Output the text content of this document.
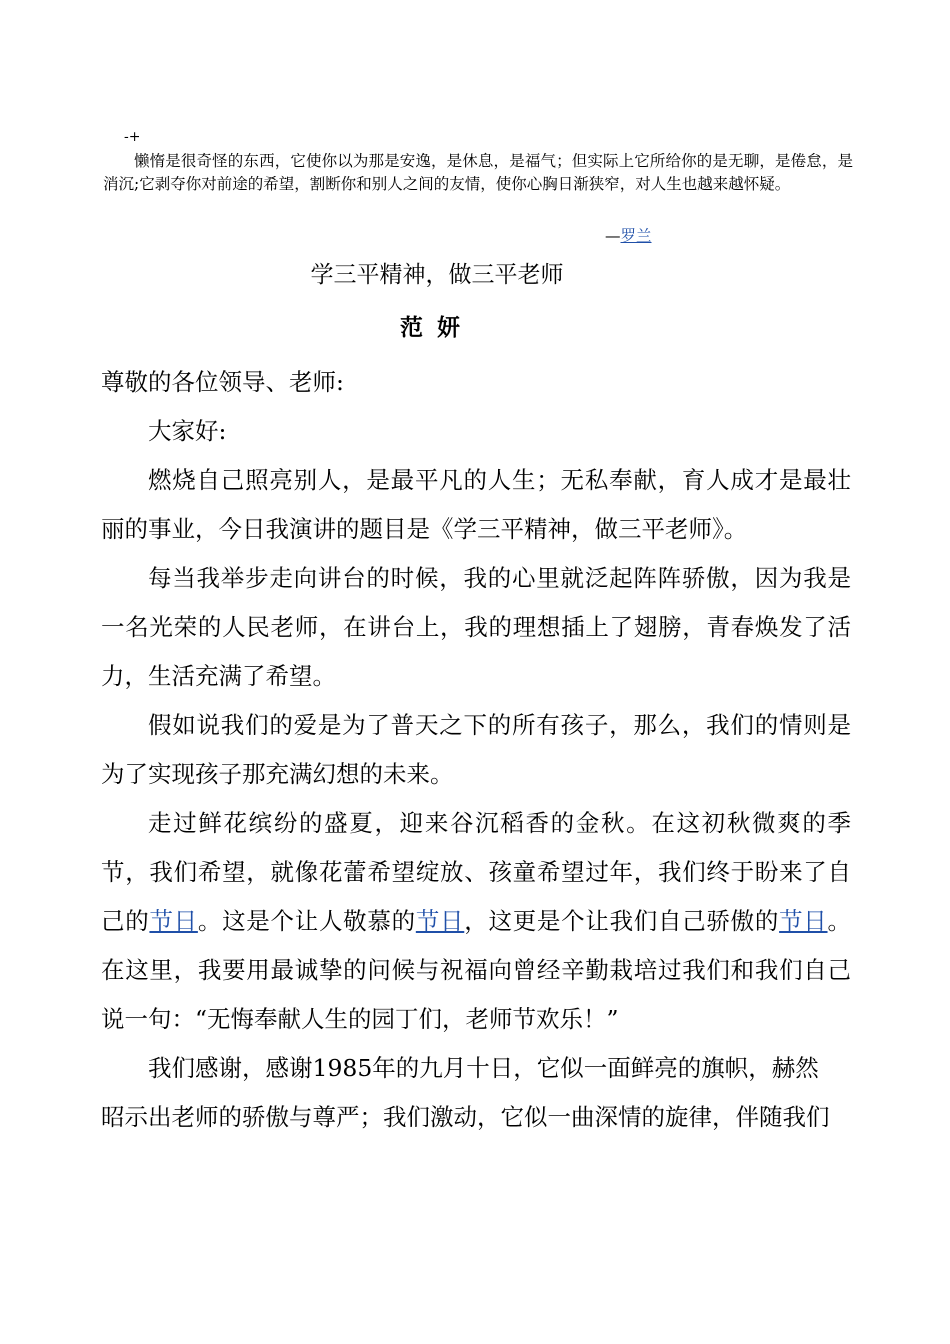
-+

懒惰是很奇怪的东西，它使你以为那是安逸，是休息，是福气；但实际上它所给你的是无聊，是倦怠，是消沉;它剥夺你对前途的希望，割断你和别人之间的友情，使你心胸日渐狭窄，对人生也越来越怀疑。

—罗兰
学三平精神，做三平老师
范妍

尊敬的各位领导、老师:

大家好:

燃烧自己照亮别人，是最平凡的人生；无私奉献，育人成才是最壮丽的事业，今日我演讲的题目是《学三平精神，做三平老师》。

每当我举步走向讲台的时候，我的心里就泛起阵阵骄傲，因为我是一名光荣的人民老师，在讲台上，我的理想插上了翅膀，青春焕发了活力，生活充满了希望。

假如说我们的爱是为了普天之下的所有孩子，那么，我们的情则是为了实现孩子那充满幻想的未来。

走过鲜花缤纷的盛夏，迎来谷沉稻香的金秋。在这初秋微爽的季节，我们希望，就像花蕾希望绽放、孩童希望过年，我们终于盼来了自己的节日。这是个让人敬慕的节日，这更是个让我们自己骄傲的节日。在这里，我要用最诚挚的问候与祝福向曾经辛勤栽培过我们和我们自己说一句：“无悔奉献人生的园丁们，老师节欢乐！”

我们感谢，感谢1985年的九月十日，它似一面鲜亮的旗帜，赫然

昭示出老师的骄傲与尊严；我们激动，它似一曲深情的旋律，伴随我们
